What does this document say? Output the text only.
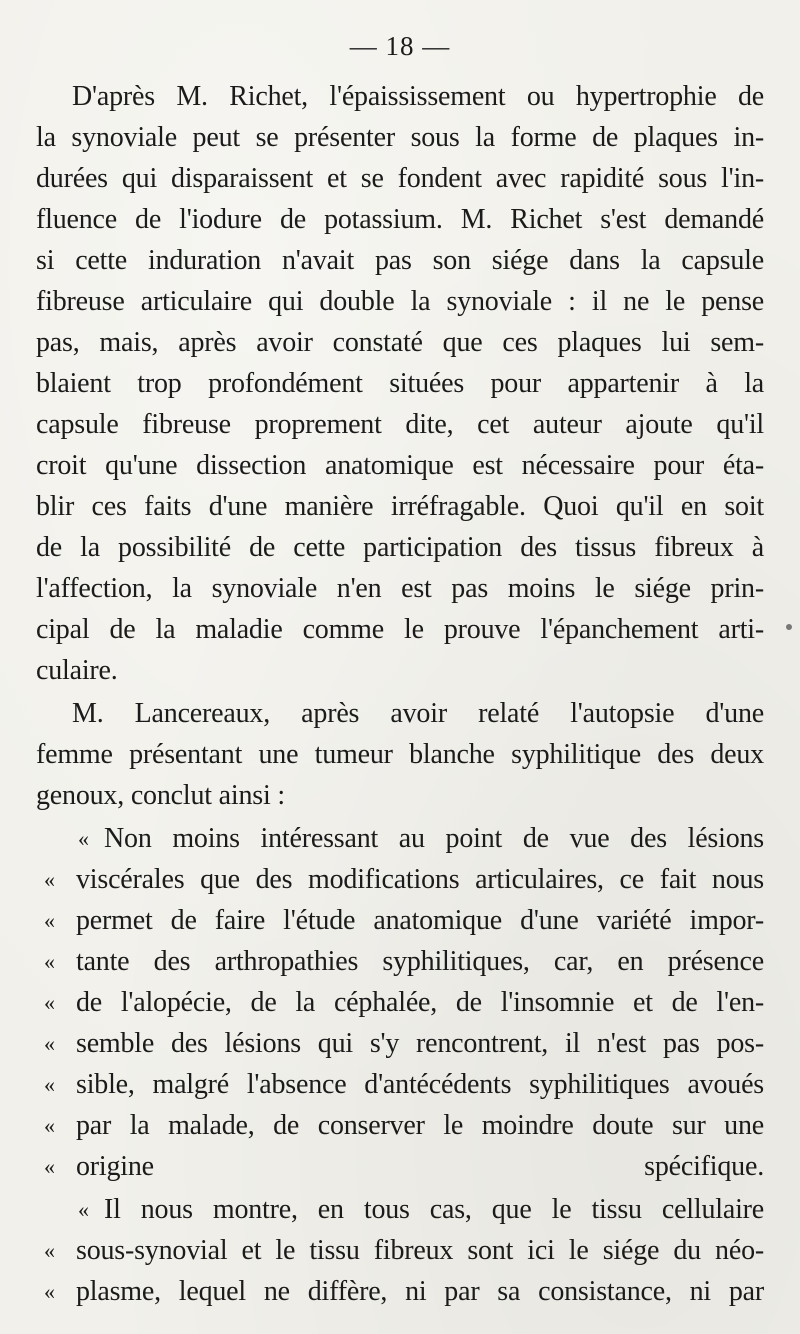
— 18 —
D'après M. Richet, l'épaississement ou hypertrophie de
la synoviale peut se présenter sous la forme de plaques in-
durées qui disparaissent et se fondent avec rapidité sous l'in-
fluence de l'iodure de potassium. M. Richet s'est demandé
si cette induration n'avait pas son siége dans la capsule
fibreuse articulaire qui double la synoviale : il ne le pense
pas, mais, après avoir constaté que ces plaques lui sem-
blaient trop profondément situées pour appartenir à la
capsule fibreuse proprement dite, cet auteur ajoute qu'il
croit qu'une dissection anatomique est nécessaire pour éta-
blir ces faits d'une manière irréfragable. Quoi qu'il en soit
de la possibilité de cette participation des tissus fibreux à
l'affection, la synoviale n'en est pas moins le siége prin-
cipal de la maladie comme le prouve l'épanchement arti-
culaire.
M. Lancereaux, après avoir relaté l'autopsie d'une
femme présentant une tumeur blanche syphilitique des deux
genoux, conclut ainsi :
« Non moins intéressant au point de vue des lésions
« viscérales que des modifications articulaires, ce fait nous
« permet de faire l'étude anatomique d'une variété impor-
« tante des arthropathies syphilitiques, car, en présence
« de l'alopécie, de la céphalée, de l'insomnie et de l'en-
« semble des lésions qui s'y rencontrent, il n'est pas pos-
« sible, malgré l'absence d'antécédents syphilitiques avoués
« par la malade, de conserver le moindre doute sur une
« origine spécifique.
« Il nous montre, en tous cas, que le tissu cellulaire
« sous-synovial et le tissu fibreux sont ici le siége du néo-
« plasme, lequel ne diffère, ni par sa consistance, ni par
